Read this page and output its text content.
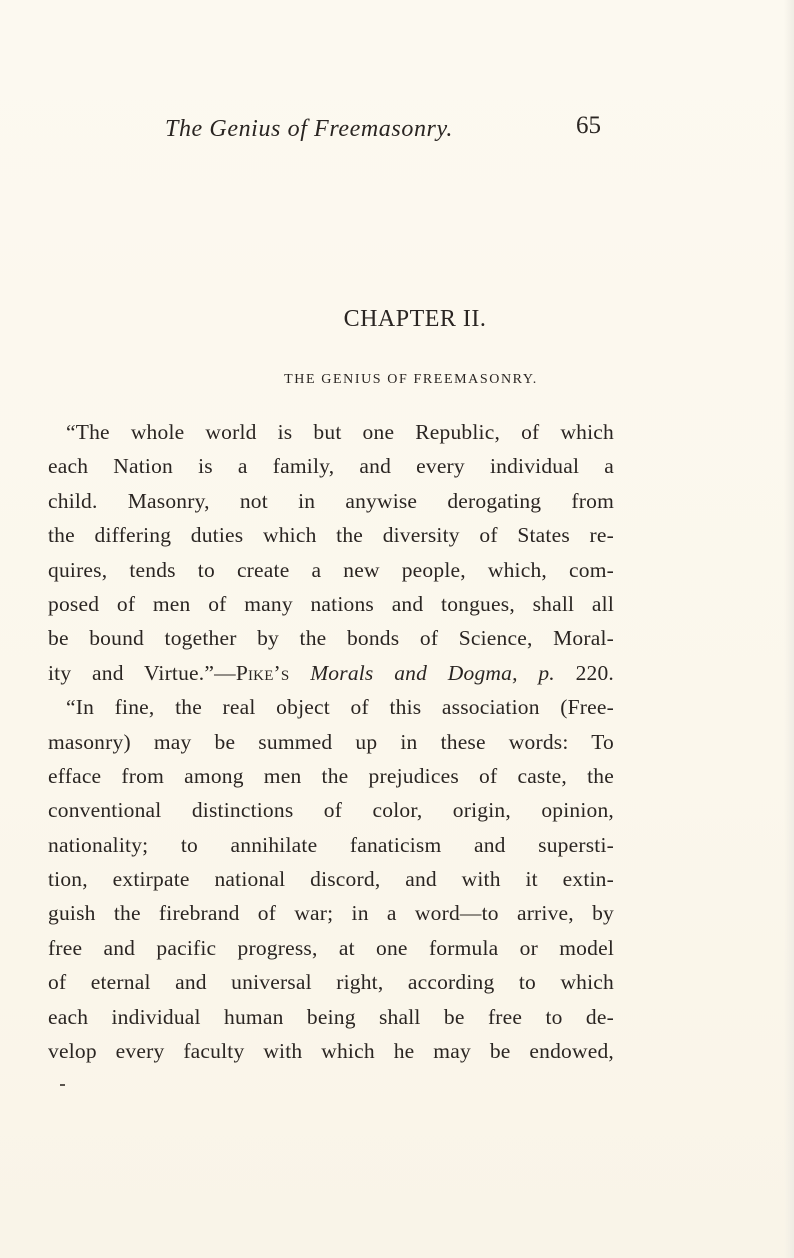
The Genius of Freemasonry.	65
CHAPTER II.
THE GENIUS OF FREEMASONRY.
“The whole world is but one Republic, of which
each Nation is a family, and every individual a
child. Masonry, not in anywise derogating from
the differing duties which the diversity of States re-
quires, tends to create a new people, which, com-
posed of men of many nations and tongues, shall all
be bound together by the bonds of Science, Moral-
ity and Virtue.”—Pike’s Morals and Dogma, p. 220.
“In fine, the real object of this association (Free-
masonry) may be summed up in these words: To
efface from among men the prejudices of caste, the
conventional distinctions of color, origin, opinion,
nationality; to annihilate fanaticism and supersti-
tion, extirpate national discord, and with it extin-
guish the firebrand of war; in a word—to arrive, by
free and pacific progress, at one formula or model
of eternal and universal right, according to which
each individual human being shall be free to de-
velop every faculty with which he may be endowed,
